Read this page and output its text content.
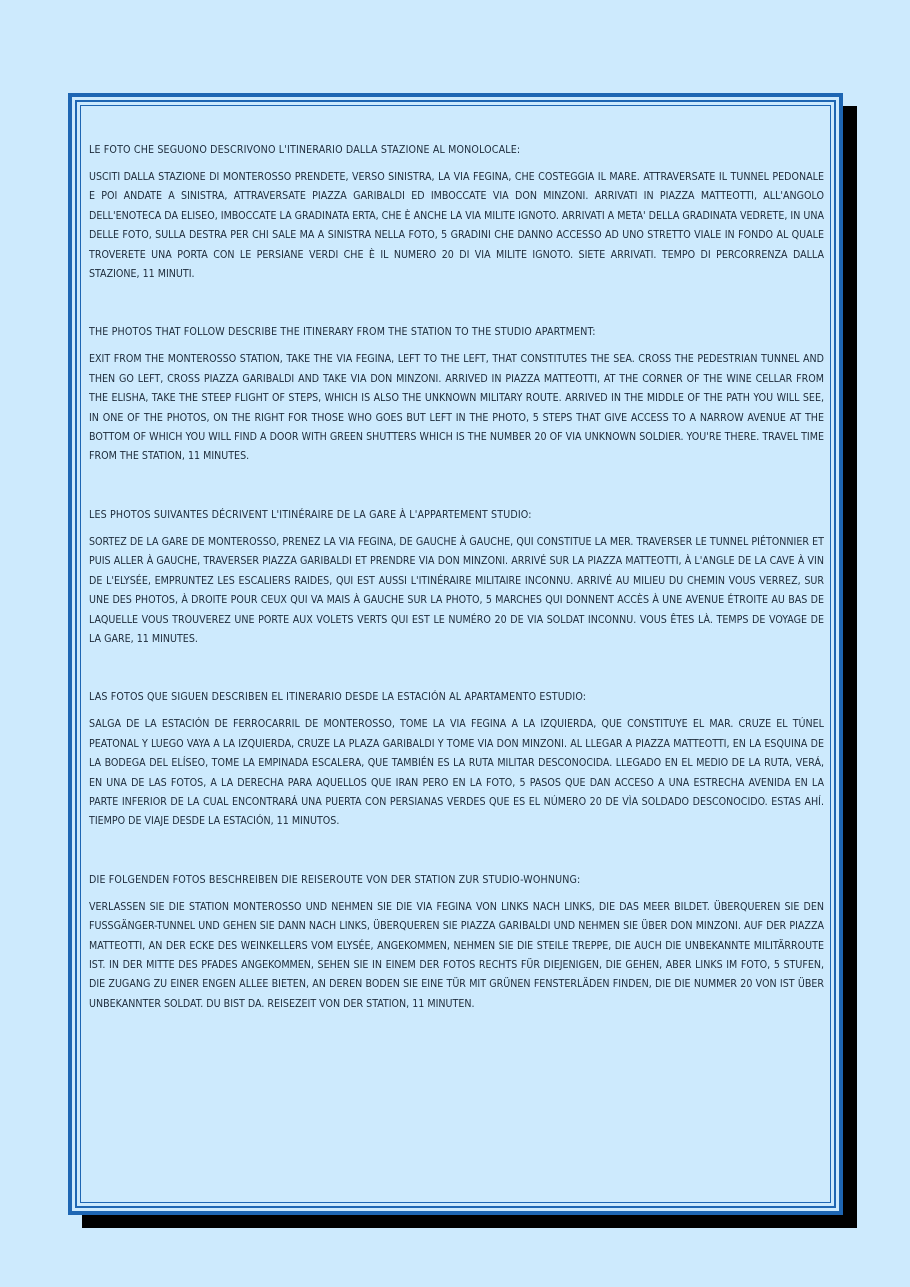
LE FOTO CHE SEGUONO DESCRIVONO L'ITINERARIO DALLA STAZIONE AL MONOLOCALE:

USCITI DALLA STAZIONE DI MONTEROSSO PRENDETE, VERSO SINISTRA, LA VIA FEGINA, CHE COSTEGGIA IL MARE. ATTRAVERSATE IL TUNNEL PEDONALE E POI ANDATE A SINISTRA, ATTRAVERSATE PIAZZA GARIBALDI ED IMBOCCATE VIA DON MINZONI. ARRIVATI IN PIAZZA MATTEOTTI, ALL'ANGOLO DELL'ENOTECA DA ELISEO, IMBOCCATE LA GRADINATA ERTA, CHE È ANCHE LA VIA MILITE IGNOTO. ARRIVATI A META' DELLA GRADINATA VEDRETE, IN UNA DELLE FOTO, SULLA DESTRA PER CHI SALE MA A SINISTRA NELLA FOTO, 5 GRADINI CHE DANNO ACCESSO AD UNO STRETTO VIALE IN FONDO AL QUALE TROVERETE UNA PORTA CON LE PERSIANE VERDI CHE È IL NUMERO 20 DI VIA MILITE IGNOTO. SIETE ARRIVATI. TEMPO DI PERCORRENZA DALLA STAZIONE, 11 MINUTI.

THE PHOTOS THAT FOLLOW DESCRIBE THE ITINERARY FROM THE STATION TO THE STUDIO APARTMENT:

EXIT FROM THE MONTEROSSO STATION, TAKE THE VIA FEGINA, LEFT TO THE LEFT, THAT CONSTITUTES THE SEA. CROSS THE PEDESTRIAN TUNNEL AND THEN GO LEFT, CROSS PIAZZA GARIBALDI AND TAKE VIA DON MINZONI. ARRIVED IN PIAZZA MATTEOTTI, AT THE CORNER OF THE WINE CELLAR FROM THE ELISHA, TAKE THE STEEP FLIGHT OF STEPS, WHICH IS ALSO THE UNKNOWN MILITARY ROUTE. ARRIVED IN THE MIDDLE OF THE PATH YOU WILL SEE, IN ONE OF THE PHOTOS, ON THE RIGHT FOR THOSE WHO GOES BUT LEFT IN THE PHOTO, 5 STEPS THAT GIVE ACCESS TO A NARROW AVENUE AT THE BOTTOM OF WHICH YOU WILL FIND A DOOR WITH GREEN SHUTTERS WHICH IS THE NUMBER 20 OF VIA UNKNOWN SOLDIER. YOU'RE THERE. TRAVEL TIME FROM THE STATION, 11 MINUTES.

LES PHOTOS SUIVANTES DÉCRIVENT L'ITINÉRAIRE DE LA GARE À L'APPARTEMENT STUDIO:

SORTEZ DE LA GARE DE MONTEROSSO, PRENEZ LA VIA FEGINA, DE GAUCHE À GAUCHE, QUI CONSTITUE LA MER. TRAVERSER LE TUNNEL PIÉTONNIER ET PUIS ALLER À GAUCHE, TRAVERSER PIAZZA GARIBALDI ET PRENDRE VIA DON MINZONI. ARRIVÉ SUR LA PIAZZA MATTEOTTI, À L'ANGLE DE LA CAVE À VIN DE L'ELYSÉE, EMPRUNTEZ LES ESCALIERS RAIDES, QUI EST AUSSI L'ITINÉRAIRE MILITAIRE INCONNU. ARRIVÉ AU MILIEU DU CHEMIN VOUS VERREZ, SUR UNE DES PHOTOS, À DROITE POUR CEUX QUI VA MAIS À GAUCHE SUR LA PHOTO, 5 MARCHES QUI DONNENT ACCÈS À UNE AVENUE ÉTROITE AU BAS DE LAQUELLE VOUS TROUVEREZ UNE PORTE AUX VOLETS VERTS QUI EST LE NUMÉRO 20 DE VIA SOLDAT INCONNU. VOUS ÊTES LÀ. TEMPS DE VOYAGE DE LA GARE, 11 MINUTES.

LAS FOTOS QUE SIGUEN DESCRIBEN EL ITINERARIO DESDE LA ESTACIÓN AL APARTAMENTO ESTUDIO:

SALGA DE LA ESTACIÓN DE FERROCARRIL DE MONTEROSSO, TOME LA VIA FEGINA A LA IZQUIERDA, QUE CONSTITUYE EL MAR. CRUZE EL TÚNEL PEATONAL Y LUEGO VAYA A LA IZQUIERDA, CRUZE LA PLAZA GARIBALDI Y TOME VIA DON MINZONI. AL LLEGAR A PIAZZA MATTEOTTI, EN LA ESQUINA DE LA BODEGA DEL ELÍSEO, TOME LA EMPINADA ESCALERA, QUE TAMBIÉN ES LA RUTA MILITAR DESCONOCIDA. LLEGADO EN EL MEDIO DE LA RUTA, VERÁ, EN UNA DE LAS FOTOS, A LA DERECHA PARA AQUELLOS QUE IRAN PERO EN LA FOTO, 5 PASOS QUE DAN ACCESO A UNA ESTRECHA AVENIDA EN LA PARTE INFERIOR DE LA CUAL ENCONTRARÁ UNA PUERTA CON PERSIANAS VERDES QUE ES EL NÚMERO 20 DE VÌA SOLDADO DESCONOCIDO. ESTAS AHÍ. TIEMPO DE VIAJE DESDE LA ESTACIÓN, 11 MINUTOS.

DIE FOLGENDEN FOTOS BESCHREIBEN DIE REISEROUTE VON DER STATION ZUR STUDIO-WOHNUNG:

VERLASSEN SIE DIE STATION MONTEROSSO UND NEHMEN SIE DIE VIA FEGINA VON LINKS NACH LINKS, DIE DAS MEER BILDET. ÜBERQUEREN SIE DEN FUSSGÄNGER-TUNNEL UND GEHEN SIE DANN NACH LINKS, ÜBERQUEREN SIE PIAZZA GARIBALDI UND NEHMEN SIE ÜBER DON MINZONI. AUF DER PIAZZA MATTEOTTI, AN DER ECKE DES WEINKELLERS VOM ELYSÉE, ANGEKOMMEN, NEHMEN SIE DIE STEILE TREPPE, DIE AUCH DIE UNBEKANNTE MILITÄRROUTE IST. IN DER MITTE DES PFADES ANGEKOMMEN, SEHEN SIE IN EINEM DER FOTOS RECHTS FÜR DIEJENIGEN, DIE GEHEN, ABER LINKS IM FOTO, 5 STUFEN, DIE ZUGANG ZU EINER ENGEN ALLEE BIETEN, AN DEREN BODEN SIE EINE TÜR MIT GRÜNEN FENSTERLÄDEN FINDEN, DIE DIE NUMMER 20 VON IST ÜBER UNBEKANNTER SOLDAT. DU BIST DA. REISEZEIT VON DER STATION, 11 MINUTEN.
